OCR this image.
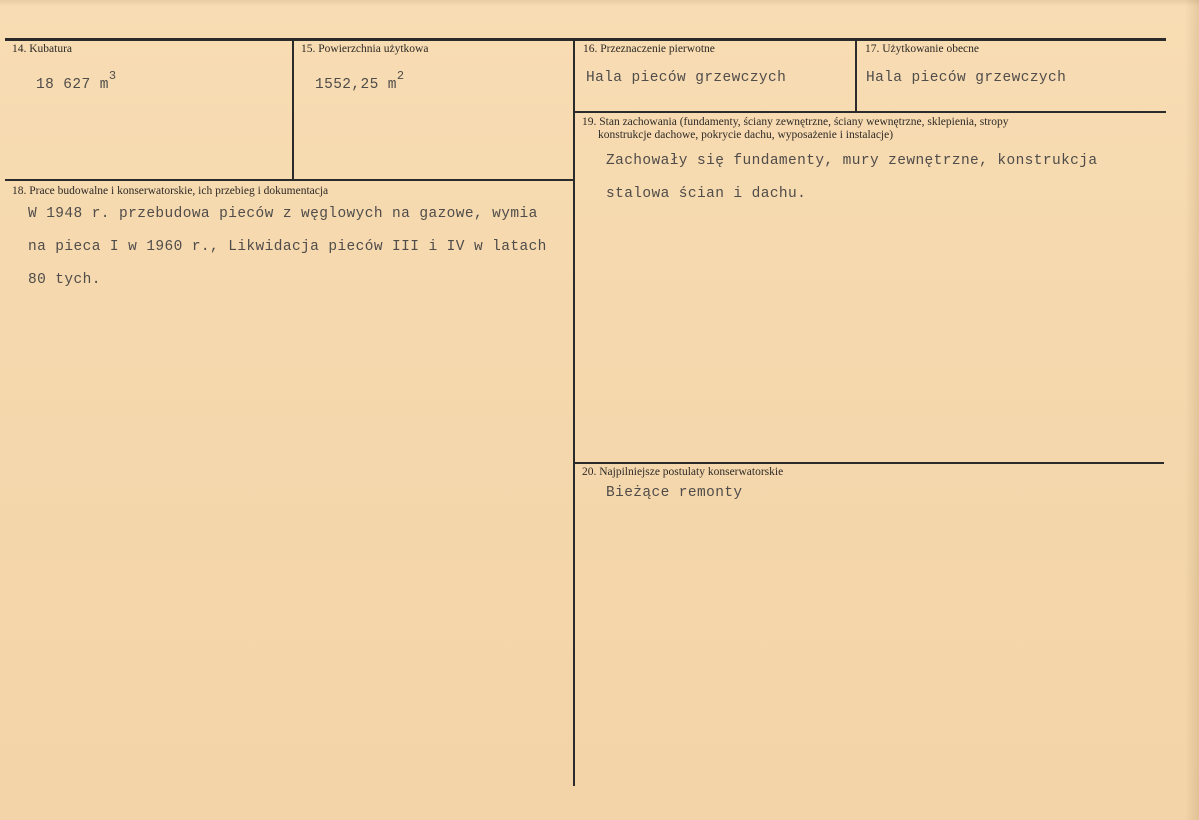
14. Kubatura
18 627 $m^3$
15. Powierzchnia użytkowa
1552,25 $m^2$
16. Przeznaczenie pierwotne
Hala pieców grzewczych
17. Użytkowanie obecne
Hala pieców grzewczych
18. Prace budowalne i konserwatorskie, ich przebieg i dokumentacja
W 1948 r. przebudowa pieców z węglowych na gazowe, wymia
na pieca I w 1960 r., Likwidacja pieców III i IV w latach
80 tych.
19. Stan zachowania (fundamenty, ściany zewnętrzne, ściany wewnętrzne, sklepienia, stropy
konstrukcje dachowe, pokrycie dachu, wyposażenie i instalacje)
Zachowały się fundamenty, mury zewnętrzne, konstrukcja
stalowa ścian i dachu.
20. Najpilniejsze postulaty konserwatorskie
Bieżące remonty
